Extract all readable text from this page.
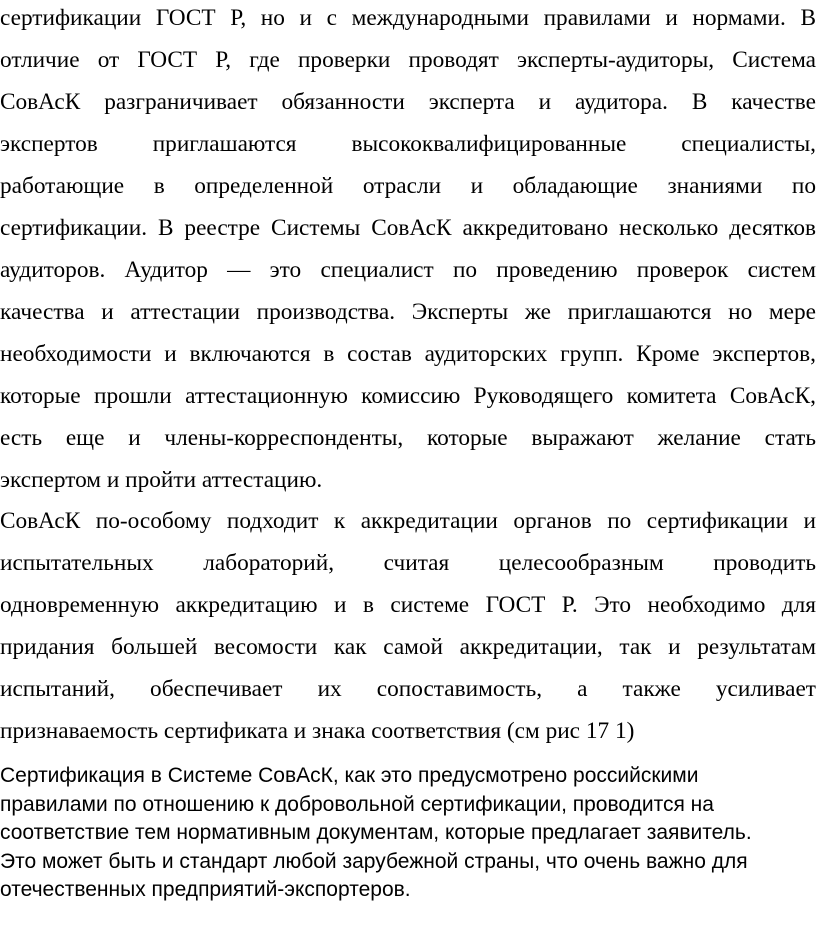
сертификации ГОСТ Р, но и с международными правилами и нормами. В
отличие от ГОСТ Р, где проверки проводят эксперты-аудиторы, Система
СовАсК разграничивает обязанности эксперта и аудитора. В качестве
экспертов приглашаются высококвалифицированные специалисты,
работающие в определенной отрасли и обладающие знаниями по
сертификации. В реестре Системы СовАсК аккредитовано несколько десятков
аудиторов. Аудитор — это специалист по проведению проверок систем
качества и аттестации производства. Эксперты же приглашаются но мере
необходимости и включаются в состав аудиторских групп. Кроме экспертов,
которые прошли аттестационную комиссию Руководящего комитета СовАсК,
есть еще и члены-корреспонденты, которые выражают желание стать
экспертом и пройти аттестацию.

СовАсК по-особому подходит к аккредитации органов по сертификации и
испытательных лабораторий, считая целесообразным проводить
одновременную аккредитацию и в системе ГОСТ Р. Это необходимо для
придания большей весомости как самой аккредитации, так и результатам
испытаний, обеспечивает их сопоставимость, а также усиливает
признаваемость сертификата и знака соответствия (см рис 17 1)

Сертификация в Системе СовАсК, как это предусмотрено российскими
правилами по отношению к добровольной сертификации, проводится на
соответствие тем нормативным документам, которые предлагает заявитель.
Это может быть и стандарт любой зарубежной страны, что очень важно для
отечественных предприятий-экспортеров.
